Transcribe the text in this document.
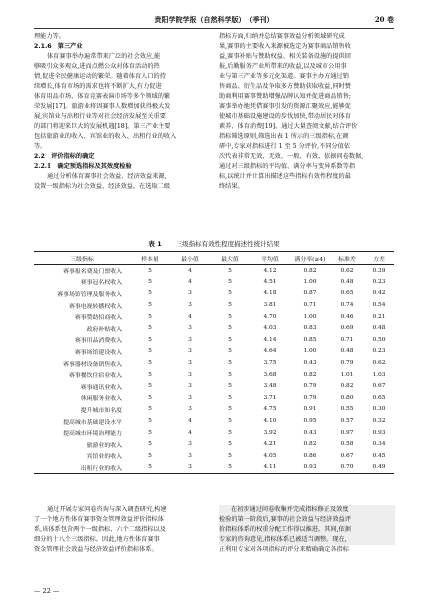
贵阳学院学报（自然科学版）　（季刊）	20 卷

理能力等。

2.1.6　第三产业

体育赛事举办遍常带来广泛的社会效应,能

够吸引众多观众,进而点燃公众对体育活动的热

情,促进全民健康运动的繁荣。随着体育人口的持

续增长,体育市场的需求也将不断扩大,有力促进

体育用品市场、体育竞赛表演市场等多个领域的繁

荣发展[17]。旅游业将因赛事人数增加获得极大发

展,宾馆业与出租行业等对社会经济发展至关重要

的部门将迎来巨大的发展机遇[18]。第三产业主要

包括旅游业的收入、宾馆业的收入、出租行业的收入

等。

2.2　评价指标的确定

2.2.1　确定预选指标及其效度检验

通过分析体育赛事社会效益、经济效益来源,

设置一级指标为社会效益、经济效益。在选取二级

指标方面,归纳并总结赛事效益分析领域研究成

果,赛事的主要收入来源被选定为赛事商品销售收

益,赛事补贴与赞助权益、相关装备设施的提供回

报,后勤服务产业所带来的收益,以及城市公用事

业与第三产业等多元化渠道。赛事主办方通过销

售商品、衍生品及争取多方赞助获取收益,同时赞

助商利用赛事赞助增强品牌认知并促进商品销售;

赛事举办地凭借赛事引发的资源汇聚效应,能够促

使城市基础设施建设的步伐加快,带动居民对体育

素养、体育消费[19]。通过大量查阅文献,结合评价

指标筛选原则,筛选出表 1 所示的三级指标,在调

研中,专家对指标进行 1 至 5 分评价,不同分值依

次代表非常无效、无效、一般、有效、依据问卷数据,

通过对三级指标的平均值、满分率与变异系数等指

标,以统计并计算出描述这些指标有效性程度的最

终结果。

表 1 三级指标有效性程度描述性统计结果
三级指标	样本量	最小值	最大值	平均值	满分率(≥4)	标准差	方差
赛事报名费及门票收入	5	4	5	4.12	0.82	0.62	0.39
赛事冠名权收入	5	4	5	4.51	1.00	0.48	0.23
赛事场馆管理及服务收入	5	3	5	4.18	0.87	0.65	0.42
赛事电视转播权收入	5	3	5	3.81	0.71	0.74	0.54
赛事赞助招商收入	5	4	5	4.70	1.00	0.46	0.21
政府补贴收入	5	3	5	4.03	0.83	0.69	0.48
赛事用品消费收入	5	3	5	4.14	0.85	0.71	0.50
赛事场馆建设收入	5	3	5	4.64	1.00	0.48	0.23
赛事器材设备销售收入	5	3	5	3.75	0.43	0.79	0.62
赛事餐饮住宿业收入	5	3	5	3.68	0.82	1.01	1.03
赛事通讯业收入	5	3	5	3.48	0.79	0.82	0.67
休闲服务业收入	5	3	5	3.71	0.79	0.80	0.65
提升城市知名度	5	3	5	4.75	0.91	0.55	0.30
提高城市基础建设水平	5	4	5	4.10	0.95	0.57	0.32
提高城市环境治理能力	5	4	5	3.92	0.43	0.97	0.93
旅游业的收入	5	3	5	4.21	0.82	0.58	0.34
宾馆业的收入	5	3	5	4.05	0.86	0.67	0.45
出租行业的收入	5	3	5	4.11	0.93	0.70	0.49

通过开展专家问卷咨询与深入调查研究,构建

了一个地方性体育赛事资金管理效益评价指标体

系,该体系包含两个一级指标、六个二级指标以及

细分的十八个三级指标。因此,地方性体育赛事

资金管理社会效益与经济效益评价指标体系。

在初步通过问卷收集并完成指标修正及效度

检验的第一阶段后,赛事的社会效益与经济效益评

价指标体系的权重分配工作得以推进。其间,依据

专家的咨询意见,指标体系已被适当调整。现在,

正利用专家对各项指标的评分来精确确定各指标

— 22 —
